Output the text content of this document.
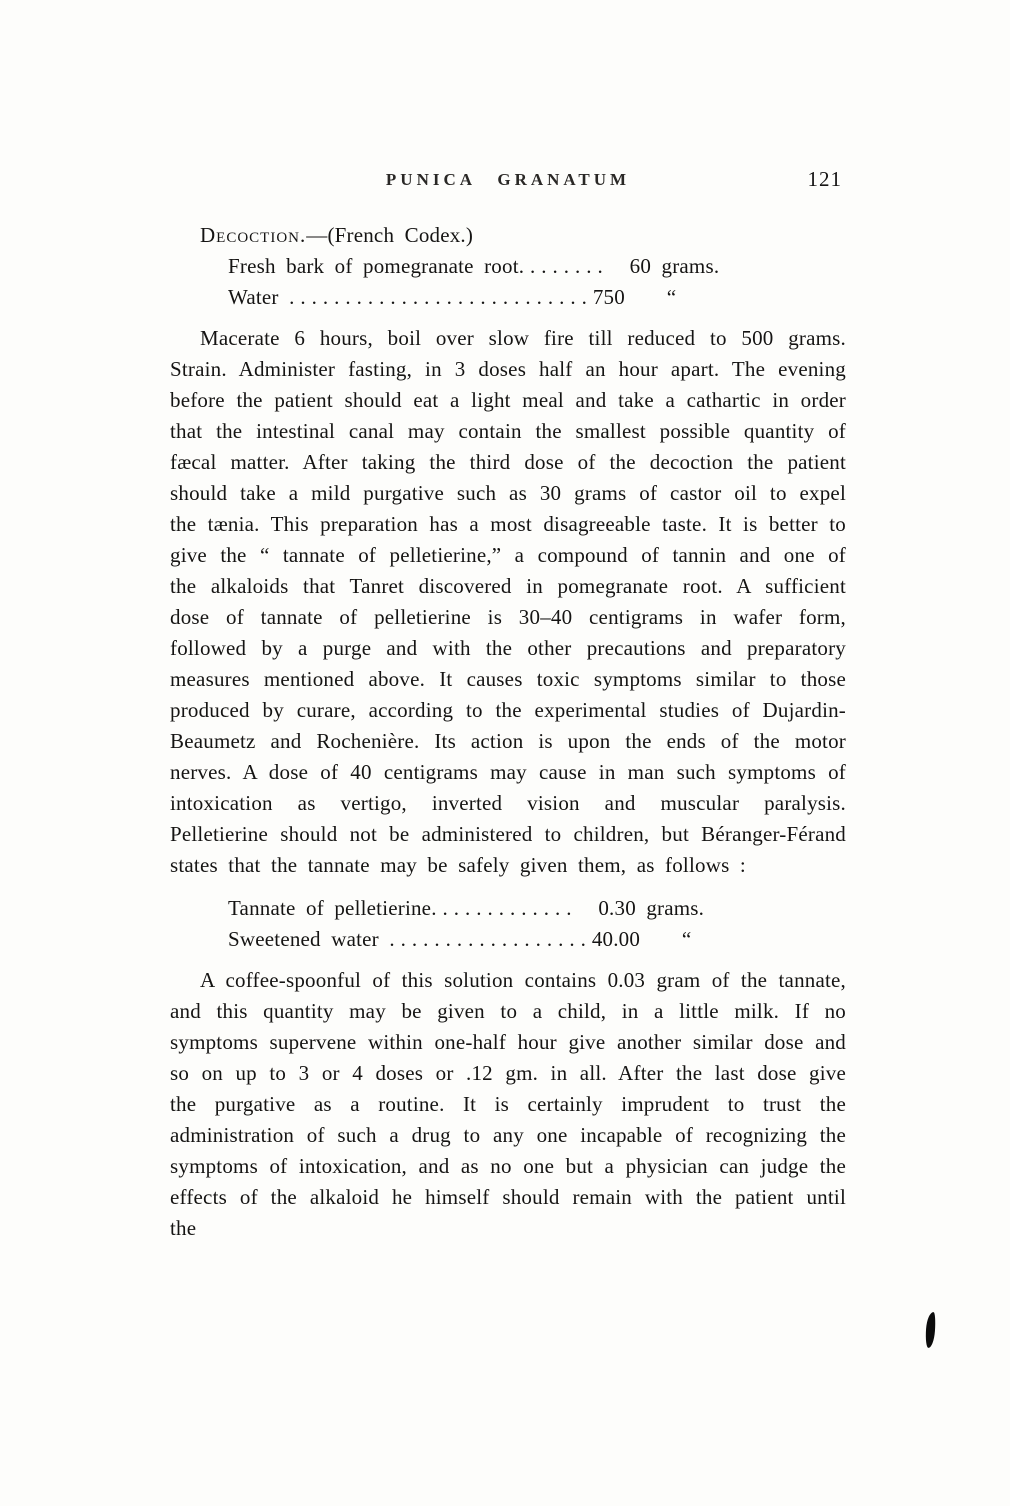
PUNICA GRANATUM	121

Decoction.—(French Codex.)

Fresh bark of pomegranate root........  60 grams.
Water ...........................750    “

Macerate 6 hours, boil over slow fire till reduced to 500 grams. Strain. Administer fasting, in 3 doses half an hour apart. The evening before the patient should eat a light meal and take a cathartic in order that the intestinal canal may contain the smallest possible quantity of fæcal matter. After taking the third dose of the decoction the patient should take a mild purgative such as 30 grams of castor oil to expel the tænia. This preparation has a most disagreeable taste. It is better to give the “ tannate of pelletierine,” a compound of tannin and one of the alkaloids that Tanret discovered in pomegranate root. A sufficient dose of tannate of pelletierine is 30–40 centigrams in wafer form, followed by a purge and with the other precautions and preparatory measures mentioned above. It causes toxic symptoms similar to those produced by curare, according to the experimental studies of Dujardin-Beaumetz and Rochenière. Its action is upon the ends of the motor nerves. A dose of 40 centigrams may cause in man such symptoms of intoxication as vertigo, inverted vision and muscular paralysis. Pelletierine should not be administered to children, but Béranger-Férand states that the tannate may be safely given them, as follows :

Tannate of pelletierine.............  0.30 grams.
Sweetened water ..................40.00    “

A coffee-spoonful of this solution contains 0.03 gram of the tannate, and this quantity may be given to a child, in a little milk. If no symptoms supervene within one-half hour give another similar dose and so on up to 3 or 4 doses or .12 gm. in all. After the last dose give the purgative as a routine. It is certainly imprudent to trust the administration of such a drug to any one incapable of recognizing the symptoms of intoxication, and as no one but a physician can judge the effects of the alkaloid he himself should remain with the patient until the
